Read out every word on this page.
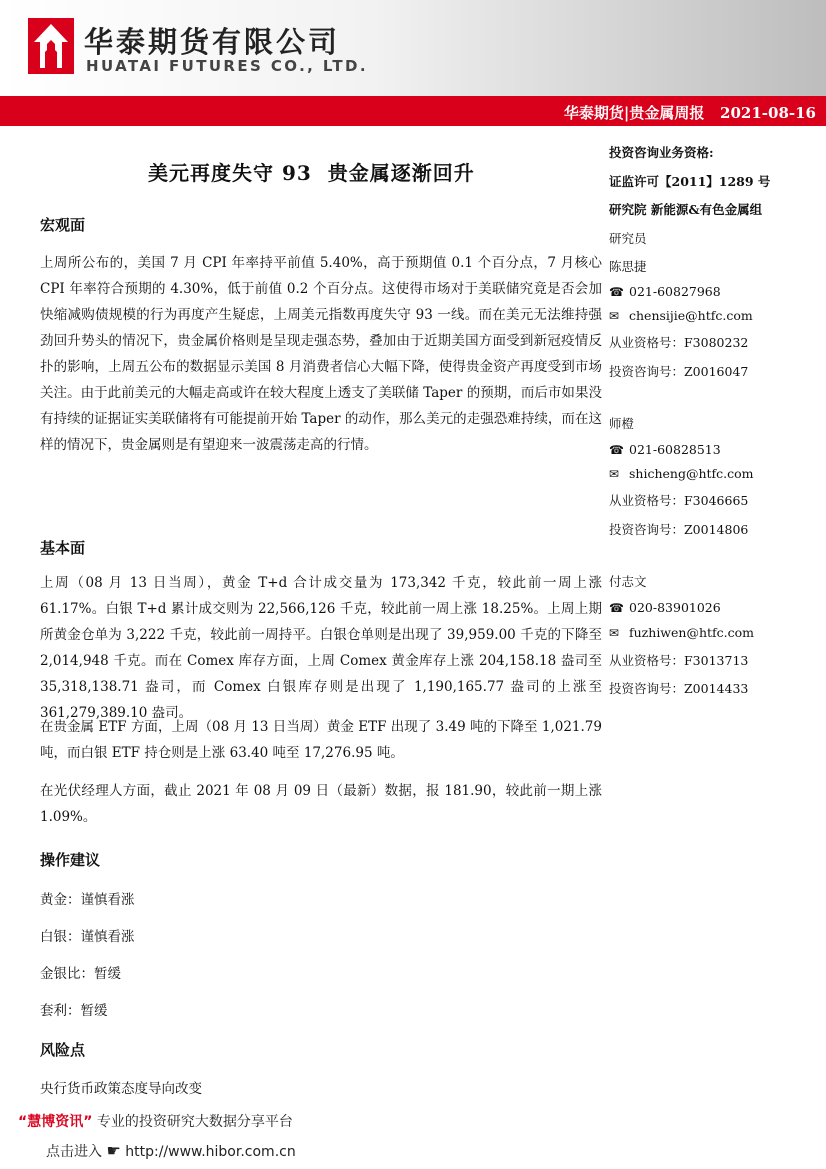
华泰期货有限公司
HUATAI FUTURES CO., LTD.
华泰期货|贵金属周报   2021-08-16
美元再度失守 93  贵金属逐渐回升
宏观面
上周所公布的，美国 7 月 CPI 年率持平前值 5.40%，高于预期值 0.1 个百分点，7 月核心 CPI 年率符合预期的 4.30%，低于前值 0.2 个百分点。这使得市场对于美联储究竟是否会加快缩减购债规模的行为再度产生疑虑，上周美元指数再度失守 93 一线。而在美元无法维持强劲回升势头的情况下，贵金属价格则是呈现走强态势，叠加由于近期美国方面受到新冠疫情反扑的影响，上周五公布的数据显示美国 8 月消费者信心大幅下降，使得贵金资产再度受到市场关注。由于此前美元的大幅走高或许在较大程度上透支了美联储 Taper 的预期，而后市如果没有持续的证据证实美联储将有可能提前开始 Taper 的动作，那么美元的走强恐难持续，而在这样的情况下，贵金属则是有望迎来一波震荡走高的行情。
基本面
上周（08 月 13 日当周），黄金 T+d 合计成交量为 173,342 千克，较此前一周上涨 61.17%。白银 T+d 累计成交则为 22,566,126 千克，较此前一周上涨 18.25%。上周上期所黄金仓单为 3,222 千克，较此前一周持平。白银仓单则是出现了 39,959.00 千克的下降至 2,014,948 千克。而在 Comex 库存方面，上周 Comex 黄金库存上涨 204,158.18 盎司至 35,318,138.71 盎司，而 Comex 白银库存则是出现了 1,190,165.77 盎司的上涨至 361,279,389.10 盎司。
在贵金属 ETF 方面，上周（08 月 13 日当周）黄金 ETF 出现了 3.49 吨的下降至 1,021.79 吨，而白银 ETF 持仓则是上涨 63.40 吨至 17,276.95 吨。
在光伏经理人方面，截止 2021 年 08 月 09 日（最新）数据，报 181.90，较此前一期上涨 1.09%。
操作建议
黄金：谨慎看涨
白银：谨慎看涨
金银比：暂缓
套利：暂缓
风险点
央行货币政策态度导向改变
投资咨询业务资格:
证监许可【2011】1289 号
研究院 新能源&有色金属组
研究员
陈思捷
☎ 021-60827968
✉ chensijie@htfc.com
从业资格号：F3080232
投资咨询号：Z0016047
师橙
☎ 021-60828513
✉ shicheng@htfc.com
从业资格号：F3046665
投资咨询号：Z0014806
付志文
☎ 020-83901026
✉ fuzhiwen@htfc.com
从业资格号：F3013713
投资咨询号：Z0014433
“慧博资讯” 专业的投资研究大数据分享平台
点击进入 ☛ http://www.hibor.com.cn
